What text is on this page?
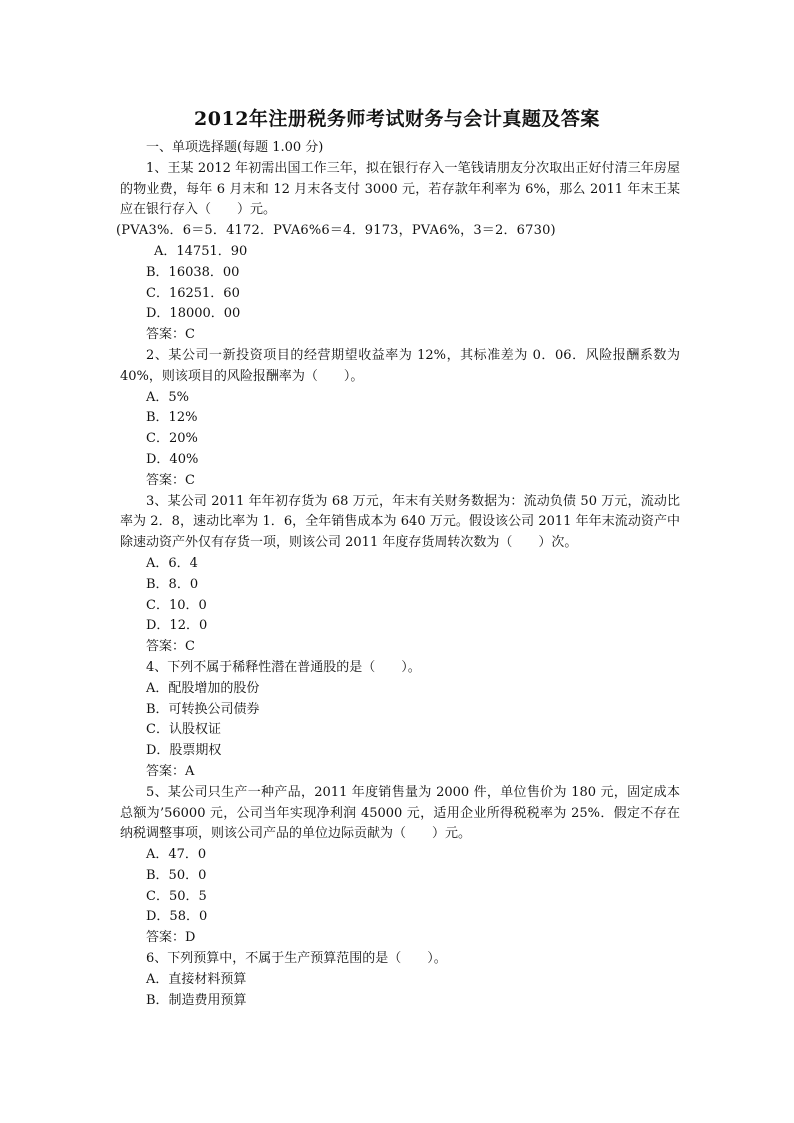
2012年注册税务师考试财务与会计真题及答案
一、单项选择题(每题 1.00 分)

1、王某 2012 年初需出国工作三年，拟在银行存入一笔钱请朋友分次取出正好付清三年房屋的物业费，每年 6 月末和 12 月末各支付 3000 元，若存款年利率为 6%，那么 2011 年末王某应在银行存入（　　）元。

(PVA3%．6＝5．4172．PVA6%6＝4．9173，PVA6%，3＝2．6730)
A．14751．90
B．16038．00
C．16251．60
D．18000．00
答案：C

2、某公司一新投资项目的经营期望收益率为 12%，其标准差为 0．06．风险报酬系数为 40%，则该项目的风险报酬率为（　　）。

A．5%
B．12%
C．20%
D．40%
答案：C

3、某公司 2011 年年初存货为 68 万元，年末有关财务数据为：流动负债 50 万元，流动比率为 2．8，速动比率为 1．6，全年销售成本为 640 万元。假设该公司 2011 年年末流动资产中除速动资产外仅有存货一项，则该公司 2011 年度存货周转次数为（　　）次。

A．6．4
B．8．0
C．10．0
D．12．0
答案：C
4、下列不属于稀释性潜在普通股的是（　　）。
A．配股增加的股份
B．可转换公司债券
C．认股权证
D．股票期权
答案：A

5、某公司只生产一种产品，2011 年度销售量为 2000 件，单位售价为 180 元，固定成本总额为’56000 元，公司当年实现净利润 45000 元，适用企业所得税税率为 25%．假定不存在纳税调整事项，则该公司产品的单位边际贡献为（　　）元。

A．47．0
B．50．0
C．50．5
D．58．0
答案：D
6、下列预算中，不属于生产预算范围的是（　　）。
A．直接材料预算
B．制造费用预算
